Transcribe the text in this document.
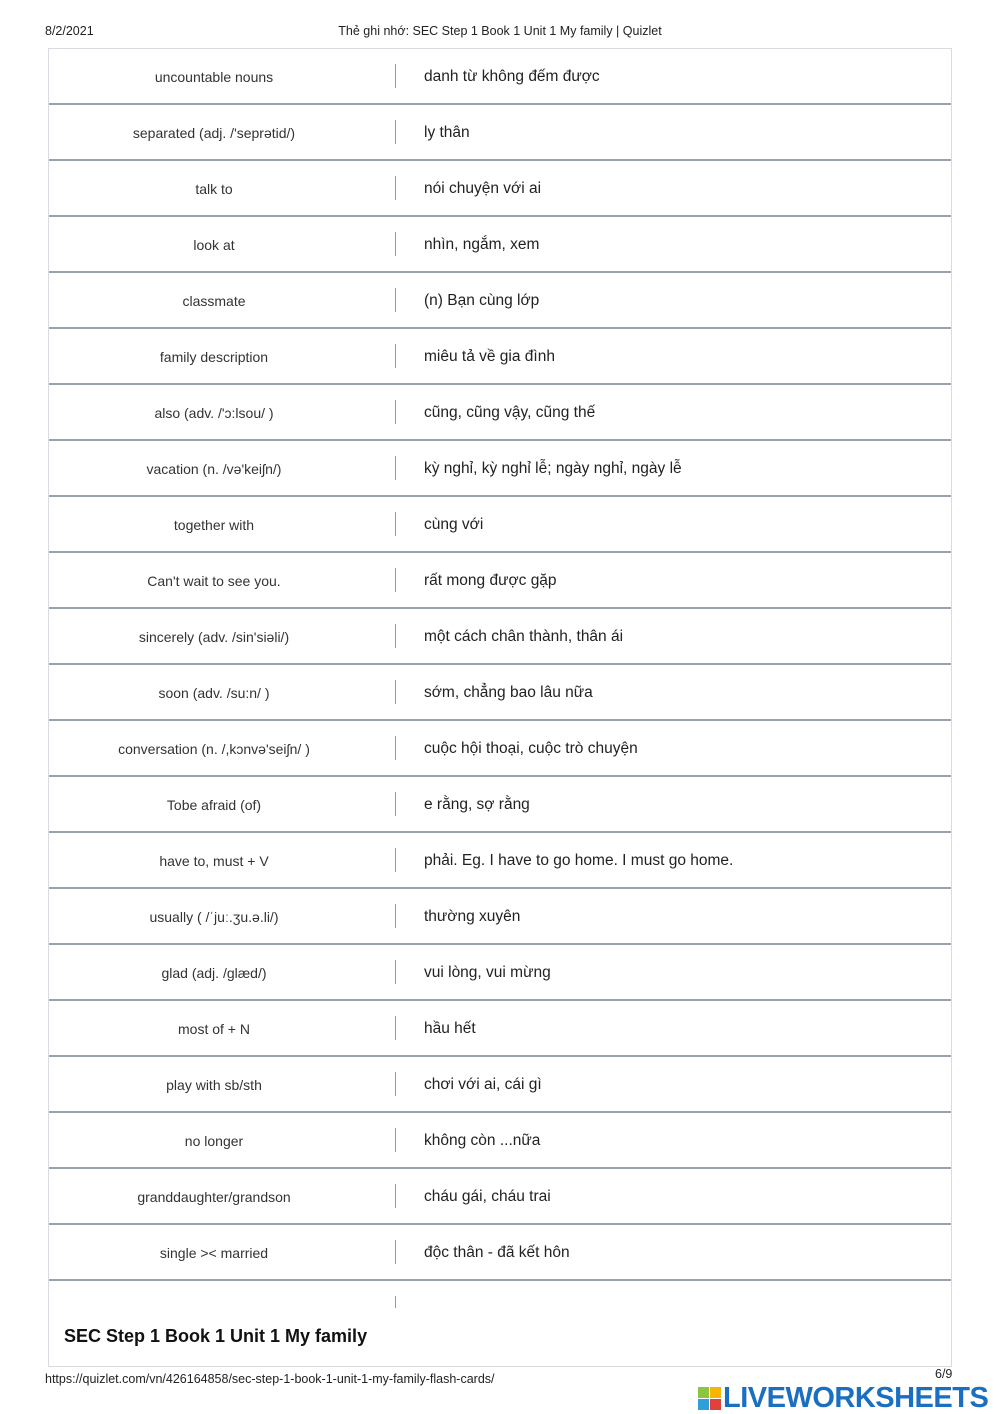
8/2/2021	Thẻ ghi nhớ: SEC Step 1 Book 1 Unit 1 My family | Quizlet
uncountable nouns	danh từ không đếm được
separated (adj. /'seprətid/)	ly thân
talk to	nói chuyện với ai
look at	nhìn, ngắm, xem
classmate	(n) Bạn cùng lớp
family description	miêu tả về gia đình
also (adv. /'ɔ:lsou/ )	cũng, cũng vậy, cũng thế
vacation (n. /və'keiʃn/)	kỳ nghỉ, kỳ nghỉ lễ; ngày nghỉ, ngày lễ
together with	cùng với
Can't wait to see you.	rất mong được gặp
sincerely (adv. /sin'siəli/)	một cách chân thành, thân ái
soon (adv. /su:n/ )	sớm, chẳng bao lâu nữa
conversation (n. /,kɔnvə'seiʃn/ )	cuộc hội thoại, cuộc trò chuyện
Tobe afraid (of)	e rằng, sợ rằng
have to, must + V	phải. Eg. I have to go home. I must go home.
usually ( /ˈjuː.ʒu.ə.li/)	thường xuyên
glad (adj. /glæd/)	vui lòng, vui mừng
most of + N	hầu hết
play with sb/sth	chơi với ai, cái gì
no longer	không còn ...nữa
granddaughter/grandson	cháu gái, cháu trai
single >< married	độc thân - đã kết hôn
SEC Step 1 Book 1 Unit 1 My family
https://quizlet.com/vn/426164858/sec-step-1-book-1-unit-1-my-family-flash-cards/	6/9
LIVEWORKSHEETS
